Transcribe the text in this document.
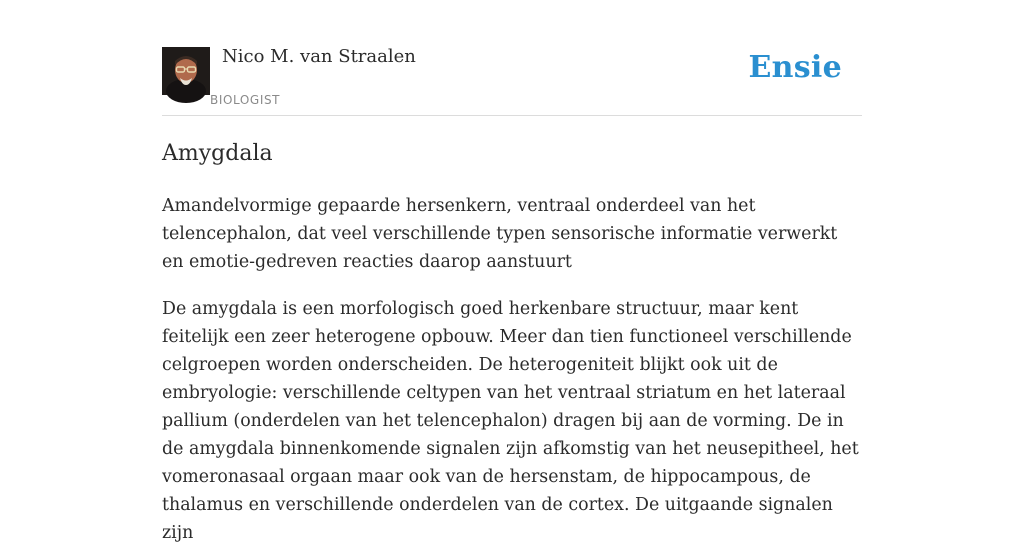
Nico M. van Straalen
BIOLOGIST
Ensie
Amygdala

Amandelvormige gepaarde hersenkern, ventraal onderdeel van het telencephalon, dat veel verschillende typen sensorische informatie verwerkt en emotie-gedreven reacties daarop aanstuurt

De amygdala is een morfologisch goed herkenbare structuur, maar kent feitelijk een zeer heterogene opbouw. Meer dan tien functioneel verschillende celgroepen worden onderscheiden. De heterogeniteit blijkt ook uit de embryologie: verschillende celtypen van het ventraal striatum en het lateraal pallium (onderdelen van het telencephalon) dragen bij aan de vorming. De in de amygdala binnenkomende signalen zijn afkomstig van het neusepitheel, het vomeronasaal orgaan maar ook van de hersenstam, de hippocampous, de thalamus en verschillende onderdelen van de cortex. De uitgaande signalen zijn
